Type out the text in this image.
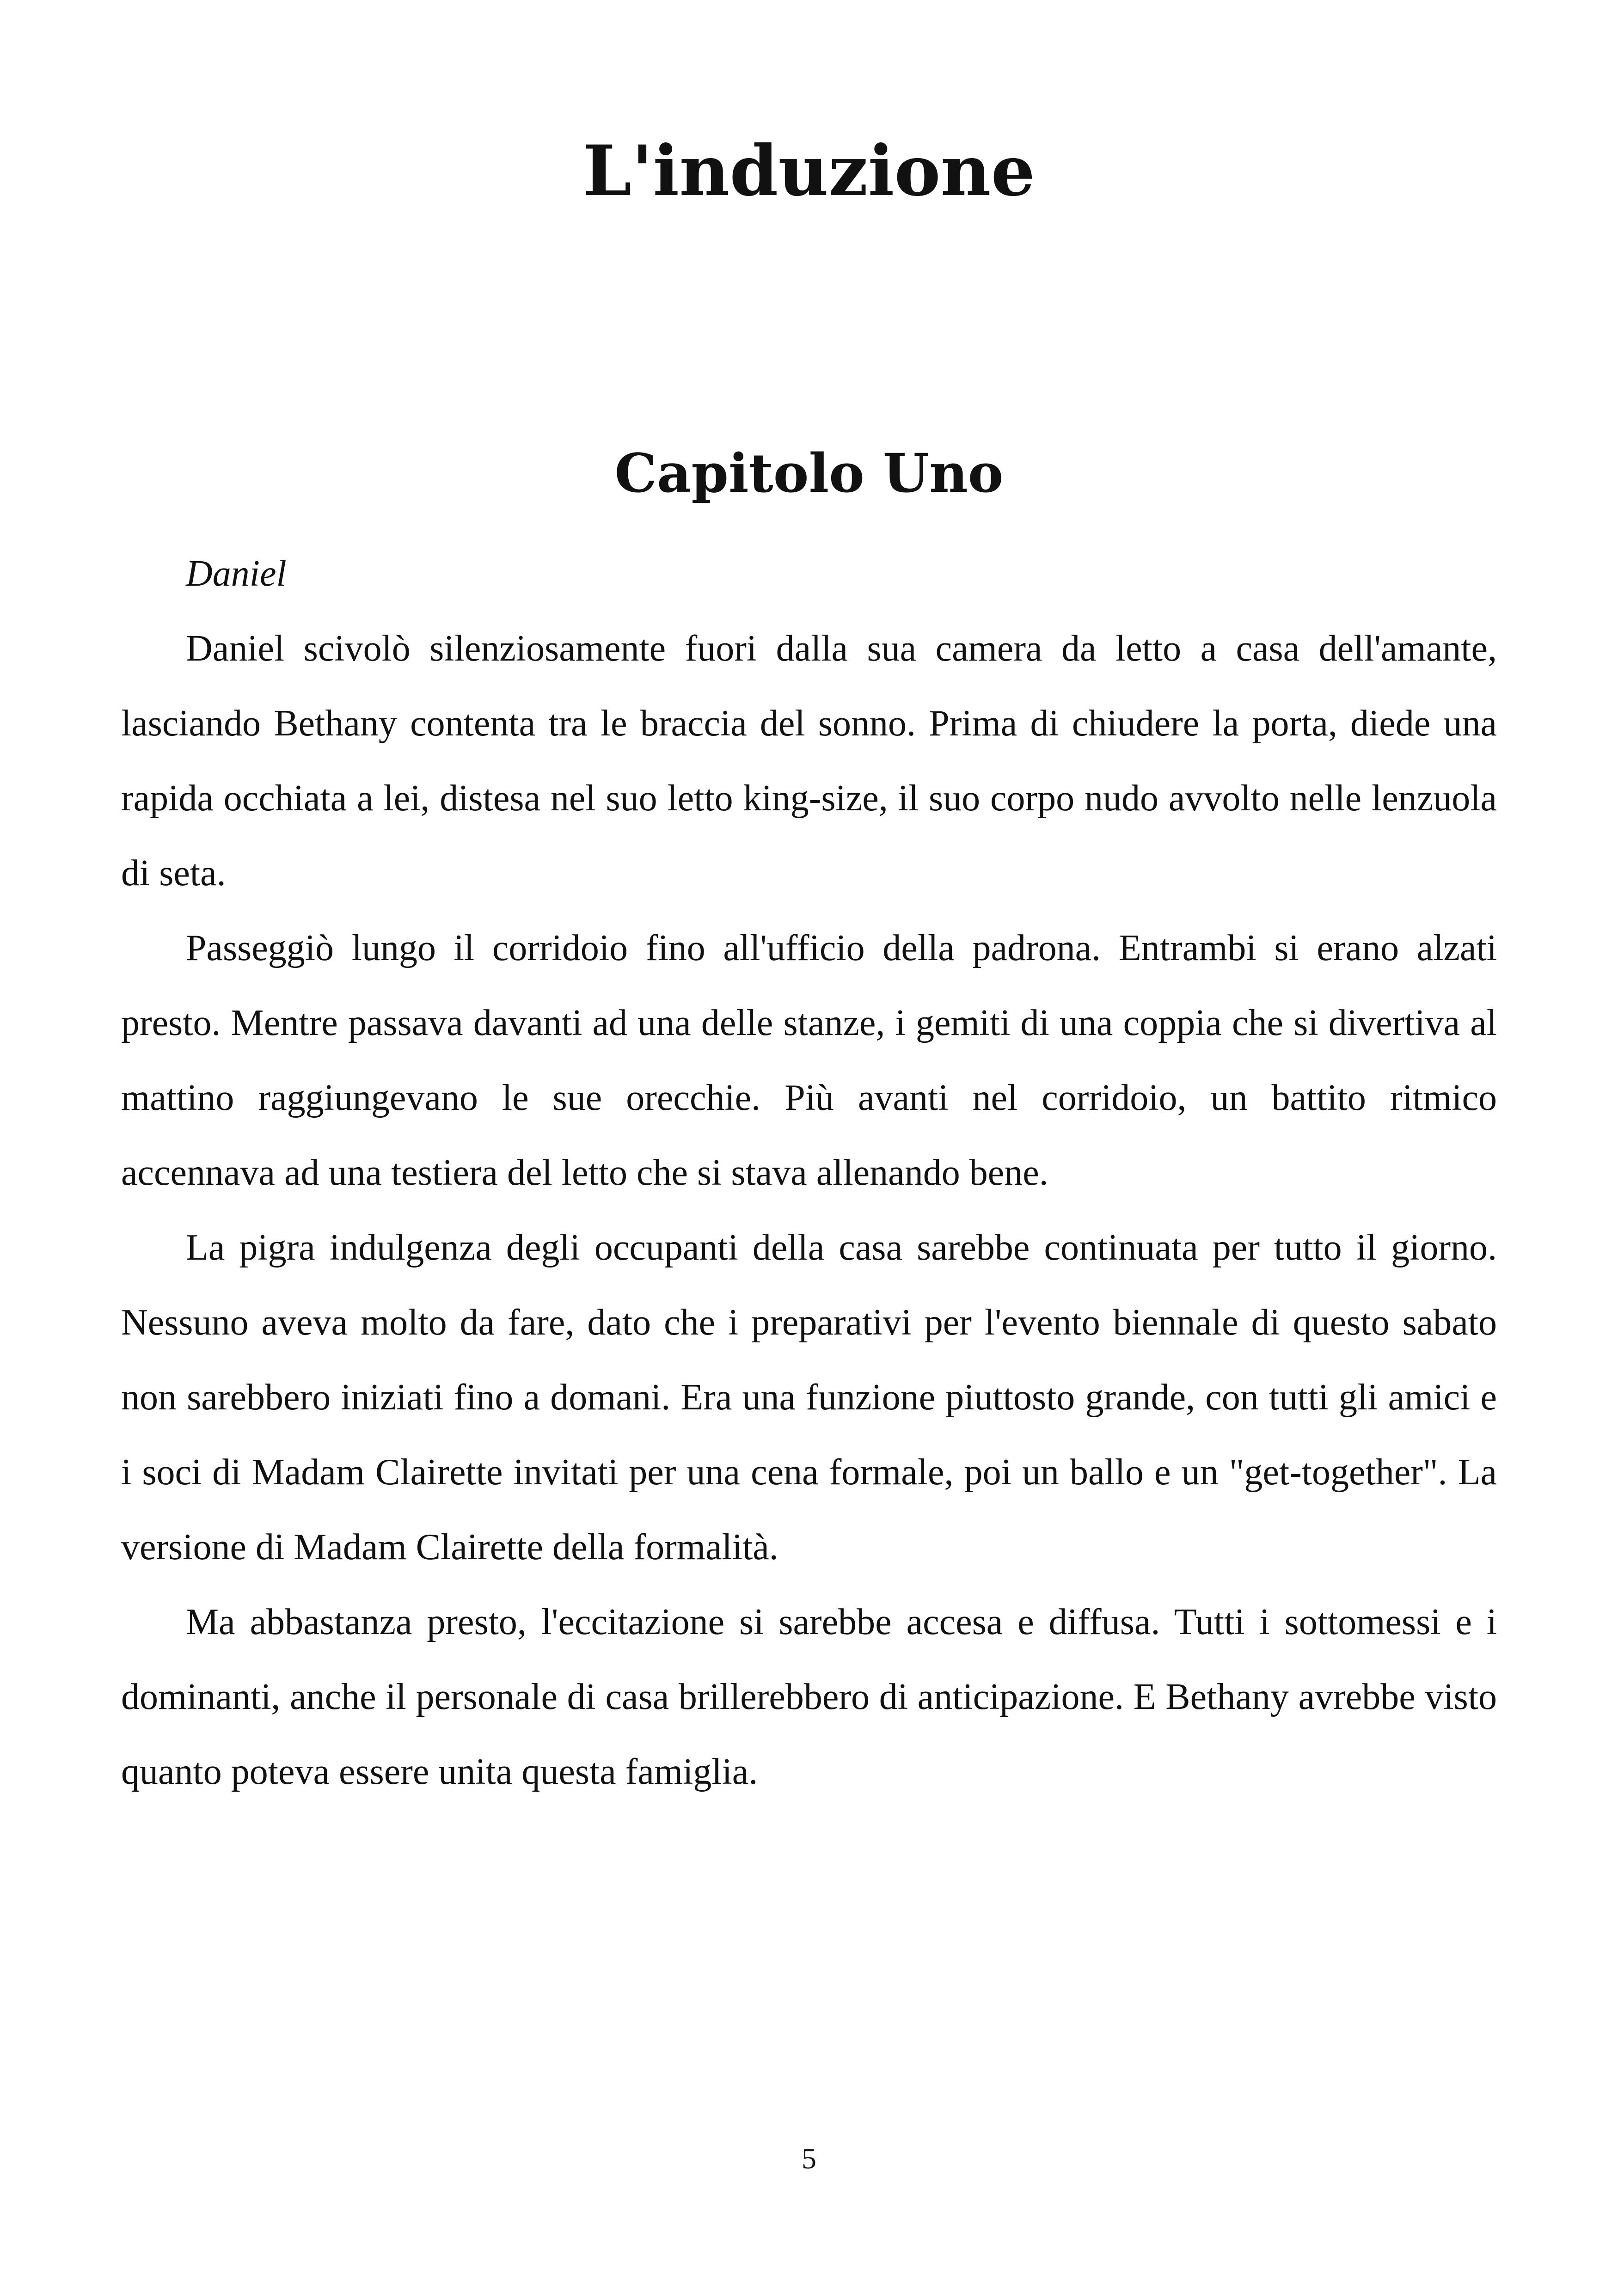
L'induzione
Capitolo Uno

Daniel

Daniel scivolò silenziosamente fuori dalla sua camera da letto a casa dell'amante, lasciando Bethany contenta tra le braccia del sonno. Prima di chiudere la porta, diede una rapida occhiata a lei, distesa nel suo letto king-size, il suo corpo nudo avvolto nelle lenzuola di seta.

Passeggiò lungo il corridoio fino all'ufficio della padrona. Entrambi si erano alzati presto. Mentre passava davanti ad una delle stanze, i gemiti di una coppia che si divertiva al mattino raggiungevano le sue orecchie. Più avanti nel corridoio, un battito ritmico accennava ad una testiera del letto che si stava allenando bene.

La pigra indulgenza degli occupanti della casa sarebbe continuata per tutto il giorno. Nessuno aveva molto da fare, dato che i preparativi per l'evento biennale di questo sabato non sarebbero iniziati fino a domani. Era una funzione piuttosto grande, con tutti gli amici e i soci di Madam Clairette invitati per una cena formale, poi un ballo e un "get-together". La versione di Madam Clairette della formalità.

Ma abbastanza presto, l'eccitazione si sarebbe accesa e diffusa. Tutti i sottomessi e i dominanti, anche il personale di casa brillerebbero di anticipazione. E Bethany avrebbe visto quanto poteva essere unita questa famiglia.

5
